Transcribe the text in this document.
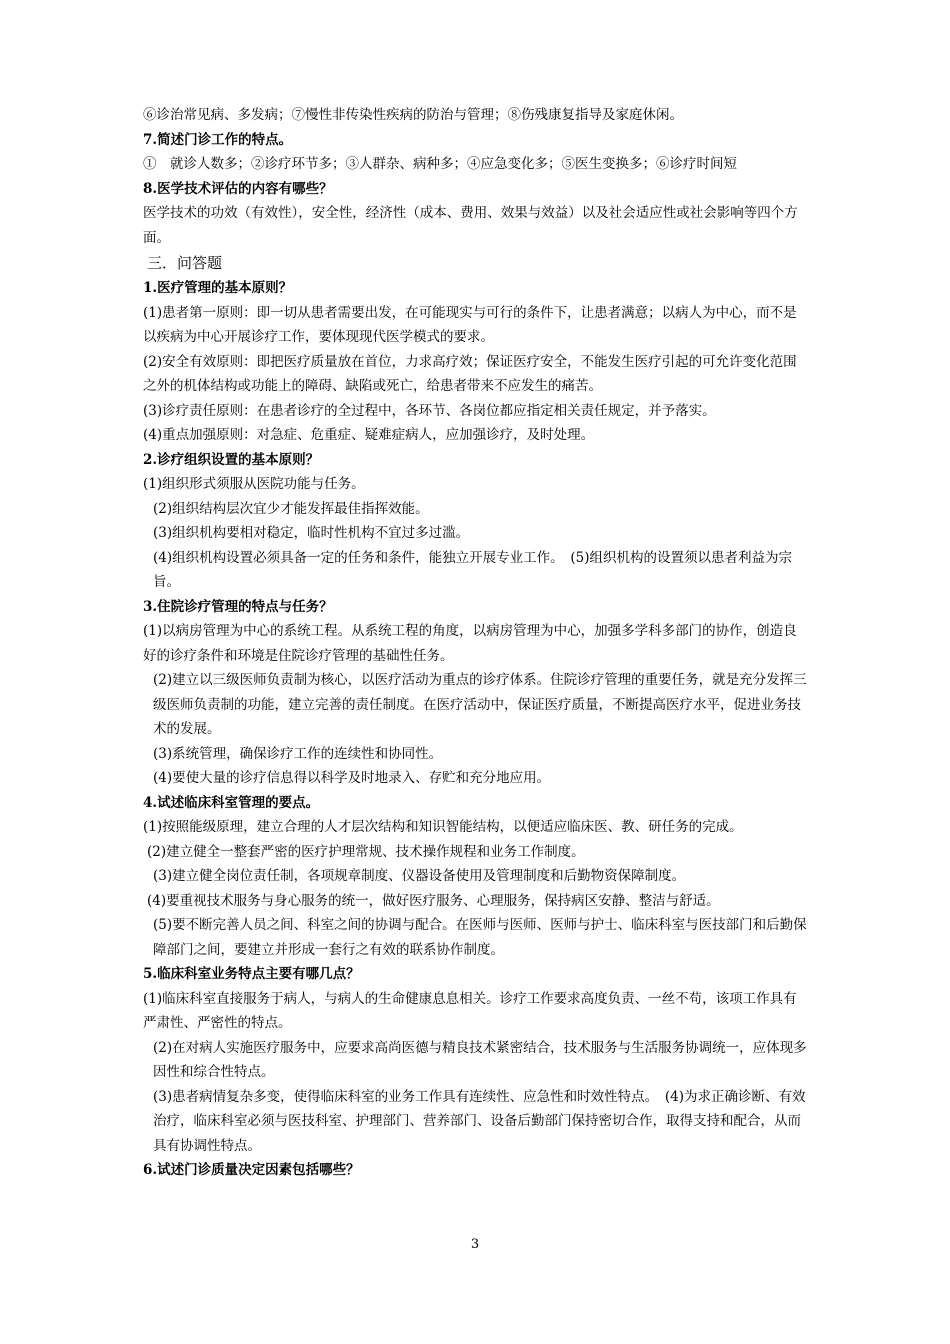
⑥诊治常见病、多发病；⑦慢性非传染性疾病的防治与管理；⑧伤残康复指导及家庭休闲。

7.简述门诊工作的特点。

①　就诊人数多；②诊疗环节多；③人群杂、病种多；④应急变化多；⑤医生变换多；⑥诊疗时间短

8.医学技术评估的内容有哪些？

医学技术的功效（有效性），安全性，经济性（成本、费用、效果与效益）以及社会适应性或社会影响等四个方面。

三．问答题

1.医疗管理的基本原则？

(1)患者第一原则：即一切从患者需要出发，在可能现实与可行的条件下，让患者满意；以病人为中心，而不是以疾病为中心开展诊疗工作，要体现现代医学模式的要求。

(2)安全有效原则：即把医疗质量放在首位，力求高疗效；保证医疗安全，不能发生医疗引起的可允许变化范围之外的机体结构或功能上的障碍、缺陷或死亡，给患者带来不应发生的痛苦。

(3)诊疗责任原则：在患者诊疗的全过程中，各环节、各岗位都应指定相关责任规定，并予落实。

(4)重点加强原则：对急症、危重症、疑难症病人，应加强诊疗，及时处理。

2.诊疗组织设置的基本原则？

(1)组织形式须服从医院功能与任务。

(2)组织结构层次宜少才能发挥最佳指挥效能。

(3)组织机构要相对稳定，临时性机构不宜过多过滥。

(4)组织机构设置必须具备一定的任务和条件，能独立开展专业工作。　(5)组织机构的设置须以患者利益为宗旨。

3.住院诊疗管理的特点与任务？

(1)以病房管理为中心的系统工程。从系统工程的角度，以病房管理为中心，加强多学科多部门的协作，创造良好的诊疗条件和环境是住院诊疗管理的基础性任务。

(2)建立以三级医师负责制为核心，以医疗活动为重点的诊疗体系。住院诊疗管理的重要任务，就是充分发挥三级医师负责制的功能，建立完善的责任制度。在医疗活动中，保证医疗质量，不断提高医疗水平，促进业务技术的发展。

(3)系统管理，确保诊疗工作的连续性和协同性。

(4)要使大量的诊疗信息得以科学及时地录入、存贮和充分地应用。

4.试述临床科室管理的要点。

(1)按照能级原理，建立合理的人才层次结构和知识智能结构，以便适应临床医、教、研任务的完成。

(2)建立健全一整套严密的医疗护理常规、技术操作规程和业务工作制度。

(3)建立健全岗位责任制，各项规章制度、仪器设备使用及管理制度和后勤物资保障制度。

(4)要重视技术服务与身心服务的统一，做好医疗服务、心理服务，保持病区安静、整洁与舒适。

(5)要不断完善人员之间、科室之间的协调与配合。在医师与医师、医师与护士、临床科室与医技部门和后勤保障部门之间，要建立并形成一套行之有效的联系协作制度。

5.临床科室业务特点主要有哪几点？

(1)临床科室直接服务于病人，与病人的生命健康息息相关。诊疗工作要求高度负责、一丝不苟，该项工作具有严肃性、严密性的特点。

(2)在对病人实施医疗服务中，应要求高尚医德与精良技术紧密结合，技术服务与生活服务协调统一，应体现多因性和综合性特点。

(3)患者病情复杂多变，使得临床科室的业务工作具有连续性、应急性和时效性特点。　(4)为求正确诊断、有效治疗，临床科室必须与医技科室、护理部门、营养部门、设备后勤部门保持密切合作，取得支持和配合，从而具有协调性特点。

6.试述门诊质量决定因素包括哪些？

3
